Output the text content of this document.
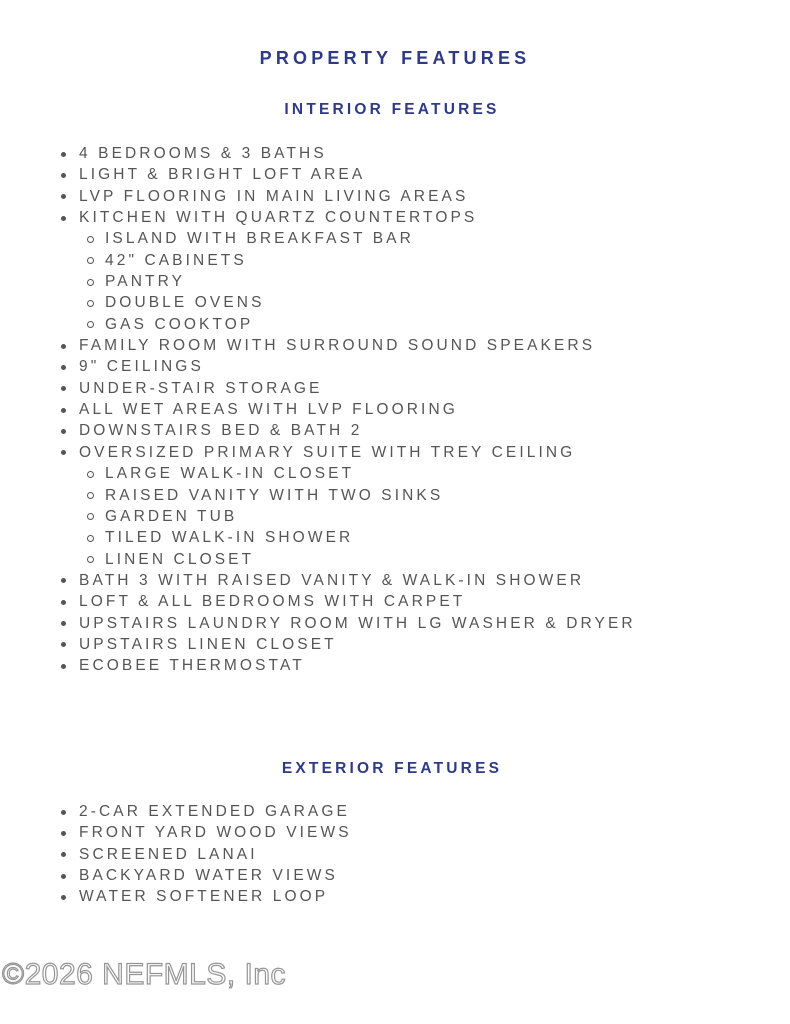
PROPERTY FEATURES
INTERIOR FEATURES
4 BEDROOMS & 3 BATHS
LIGHT & BRIGHT LOFT AREA
LVP FLOORING IN MAIN LIVING AREAS
KITCHEN WITH QUARTZ COUNTERTOPS
ISLAND WITH BREAKFAST BAR
42" CABINETS
PANTRY
DOUBLE OVENS
GAS COOKTOP
FAMILY ROOM WITH SURROUND SOUND SPEAKERS
9" CEILINGS
UNDER-STAIR STORAGE
ALL WET AREAS WITH LVP FLOORING
DOWNSTAIRS BED & BATH 2
OVERSIZED PRIMARY SUITE WITH TREY CEILING
LARGE WALK-IN CLOSET
RAISED VANITY WITH TWO SINKS
GARDEN TUB
TILED WALK-IN SHOWER
LINEN CLOSET
BATH 3 WITH RAISED VANITY & WALK-IN SHOWER
LOFT & ALL BEDROOMS WITH CARPET
UPSTAIRS LAUNDRY ROOM WITH LG WASHER & DRYER
UPSTAIRS LINEN CLOSET
ECOBEE THERMOSTAT
EXTERIOR FEATURES
2-CAR EXTENDED GARAGE
FRONT YARD WOOD VIEWS
SCREENED LANAI
BACKYARD WATER VIEWS
WATER SOFTENER LOOP
©2026 NEFMLS, Inc
